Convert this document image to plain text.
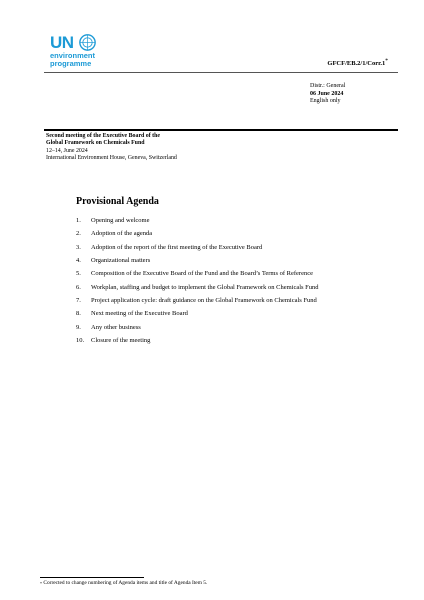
UN
environment
programme	GFCF/EB.2/1/Corr.1*
Distr.: General
06 June 2024
English only
Second meeting of the Executive Board of the
Global Framework on Chemicals Fund
12–14, June 2024
International Environment House, Geneva, Switzerland
Provisional Agenda
1. Opening and welcome
2. Adoption of the agenda
3. Adoption of the report of the first meeting of the Executive Board
4. Organizational matters
5. Composition of the Executive Board of the Fund and the Board’s Terms of Reference
6. Workplan, staffing and budget to implement the Global Framework on Chemicals Fund
7. Project application cycle: draft guidance on the Global Framework on Chemicals Fund
8. Next meeting of the Executive Board
9. Any other business
10. Closure of the meeting
* Corrected to change numbering of Agenda items and title of Agenda Item 5.
